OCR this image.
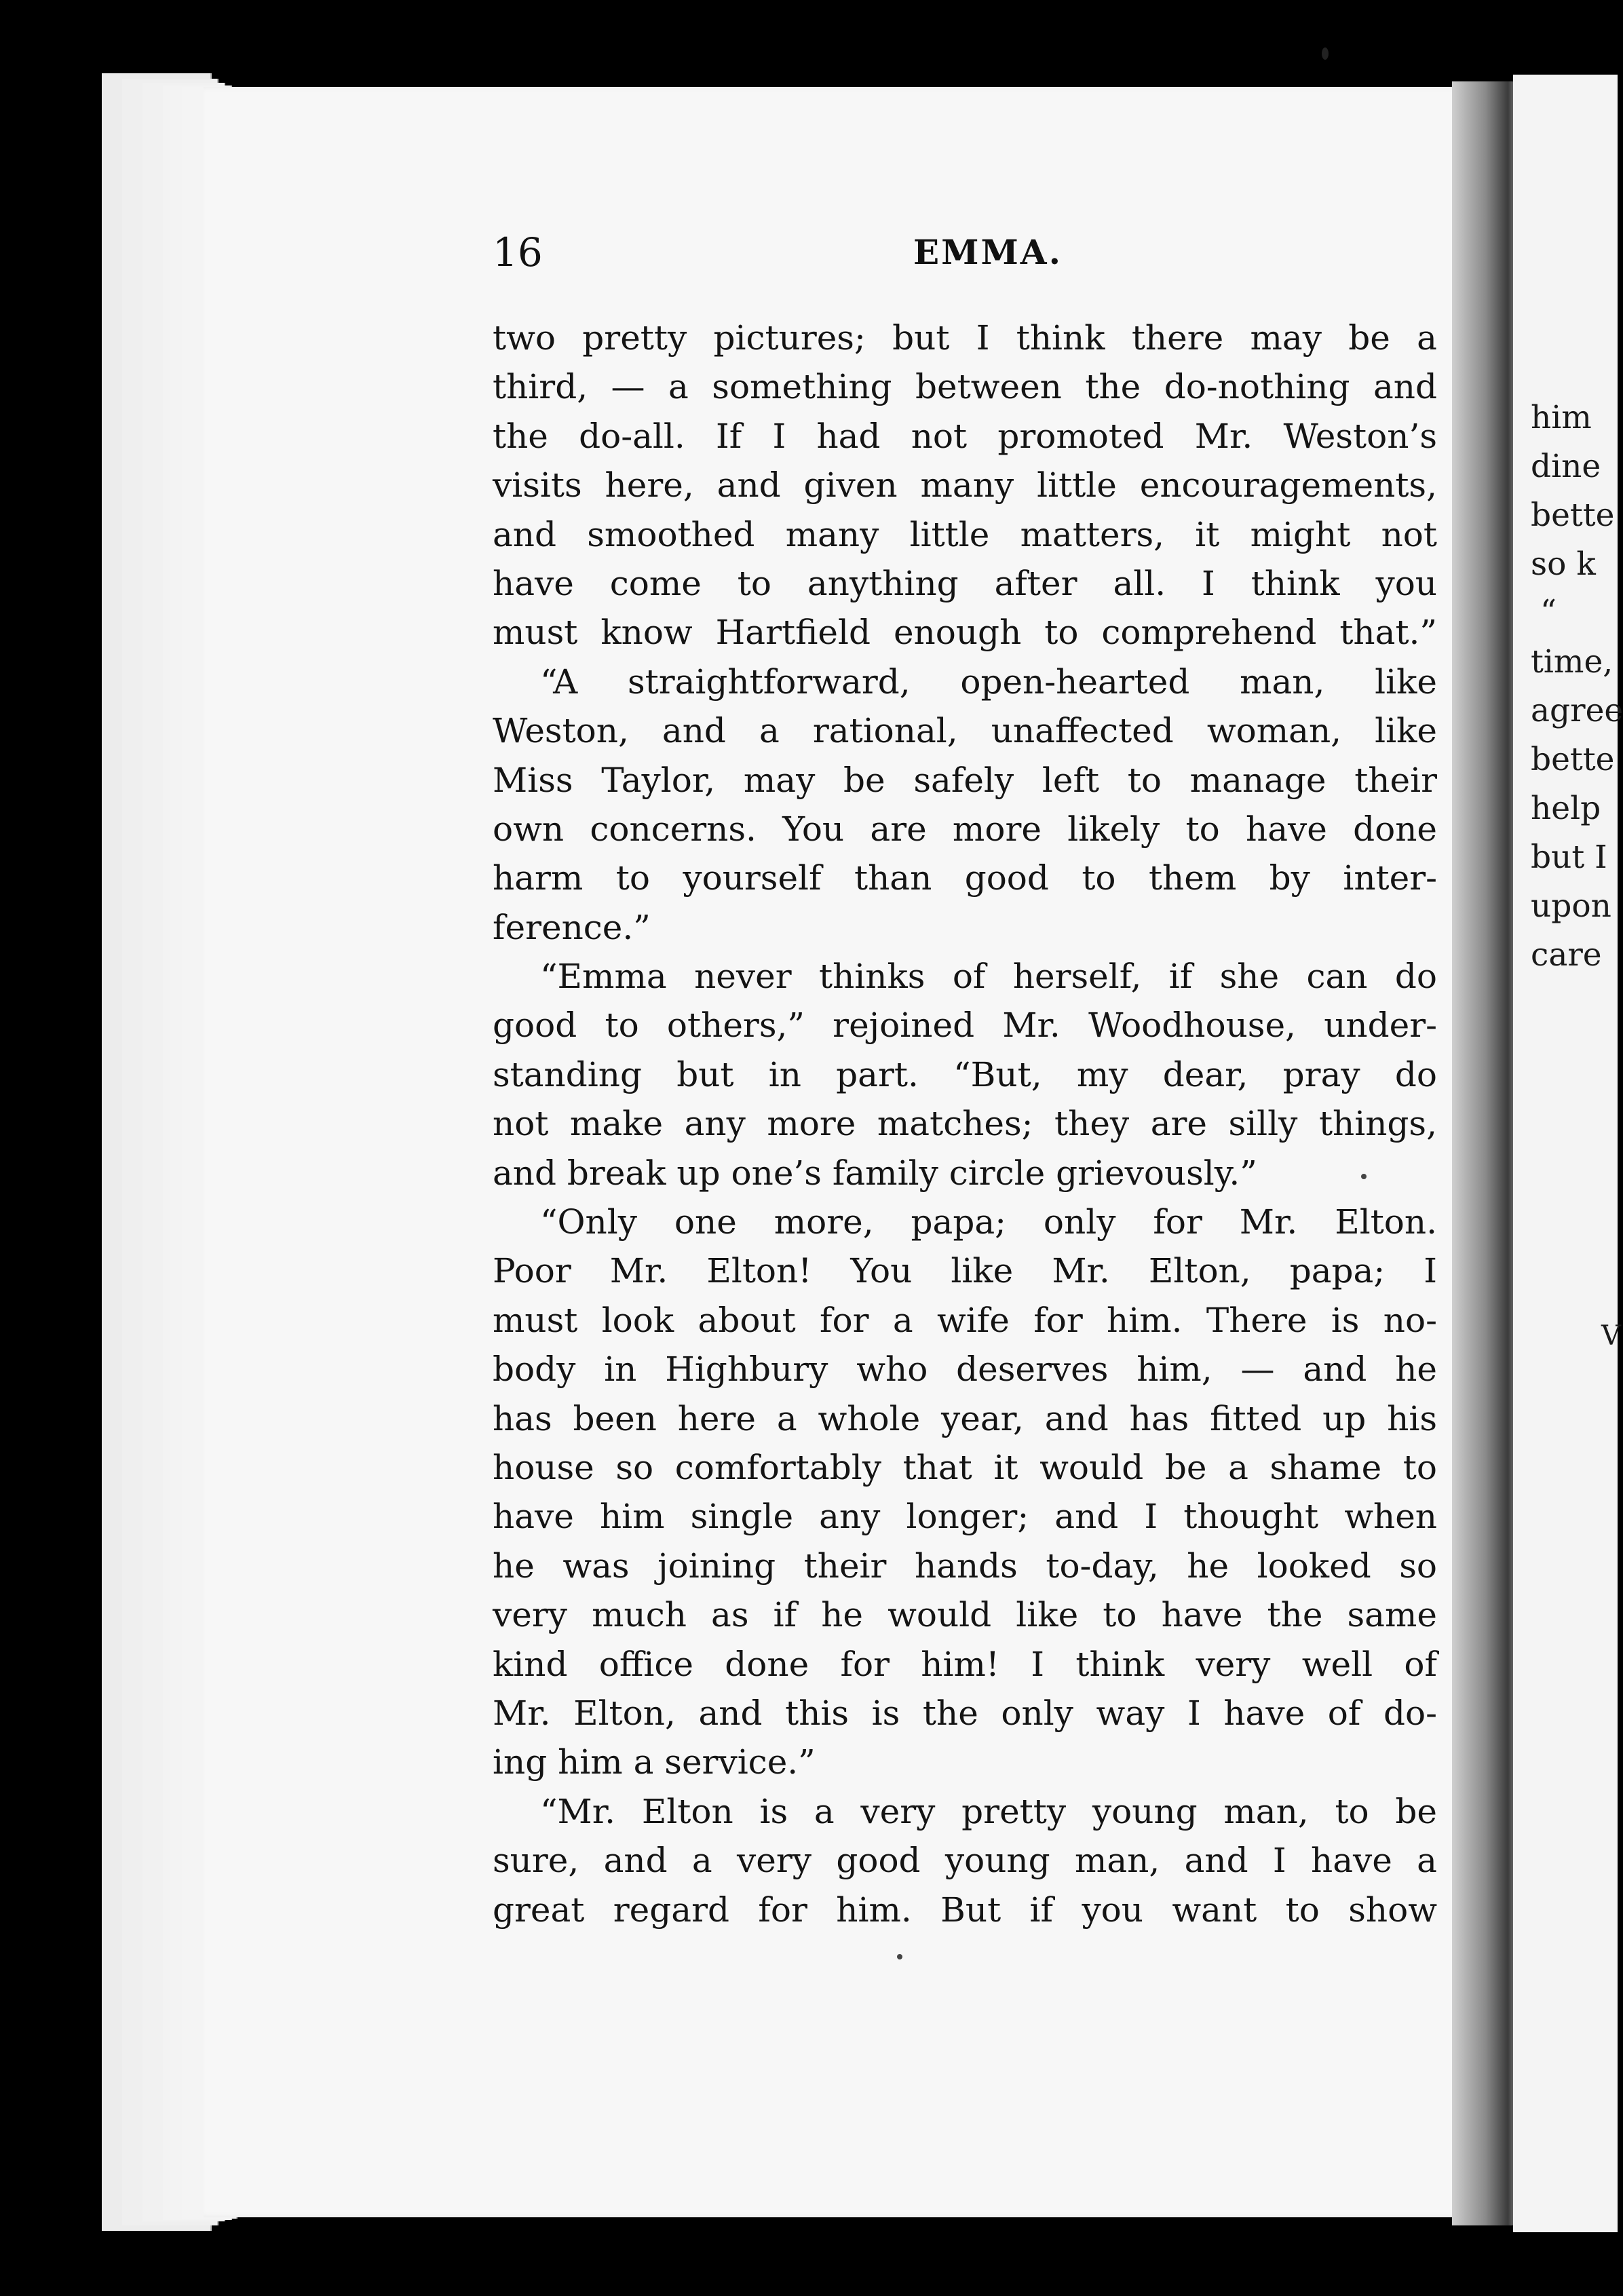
him
dine
bette
so k
“
time,
agree
bette
help
but I
upon
care
V
16	EMMA.
two pretty pictures; but I think there may be a
third, — a something between the do-nothing and
the do-all. If I had not promoted Mr. Weston’s
visits here, and given many little encouragements,
and smoothed many little matters, it might not
have come to anything after all. I think you
must know Hartfield enough to comprehend that.”
“A straightforward, open-hearted man, like
Weston, and a rational, unaffected woman, like
Miss Taylor, may be safely left to manage their
own concerns. You are more likely to have done
harm to yourself than good to them by inter-
ference.”
“Emma never thinks of herself, if she can do
good to others,” rejoined Mr. Woodhouse, under-
standing but in part. “But, my dear, pray do
not make any more matches; they are silly things,
and break up one’s family circle grievously.”
“Only one more, papa; only for Mr. Elton.
Poor Mr. Elton! You like Mr. Elton, papa; I
must look about for a wife for him. There is no-
body in Highbury who deserves him, — and he
has been here a whole year, and has fitted up his
house so comfortably that it would be a shame to
have him single any longer; and I thought when
he was joining their hands to-day, he looked so
very much as if he would like to have the same
kind office done for him! I think very well of
Mr. Elton, and this is the only way I have of do-
ing him a service.”
“Mr. Elton is a very pretty young man, to be
sure, and a very good young man, and I have a
great regard for him. But if you want to show
